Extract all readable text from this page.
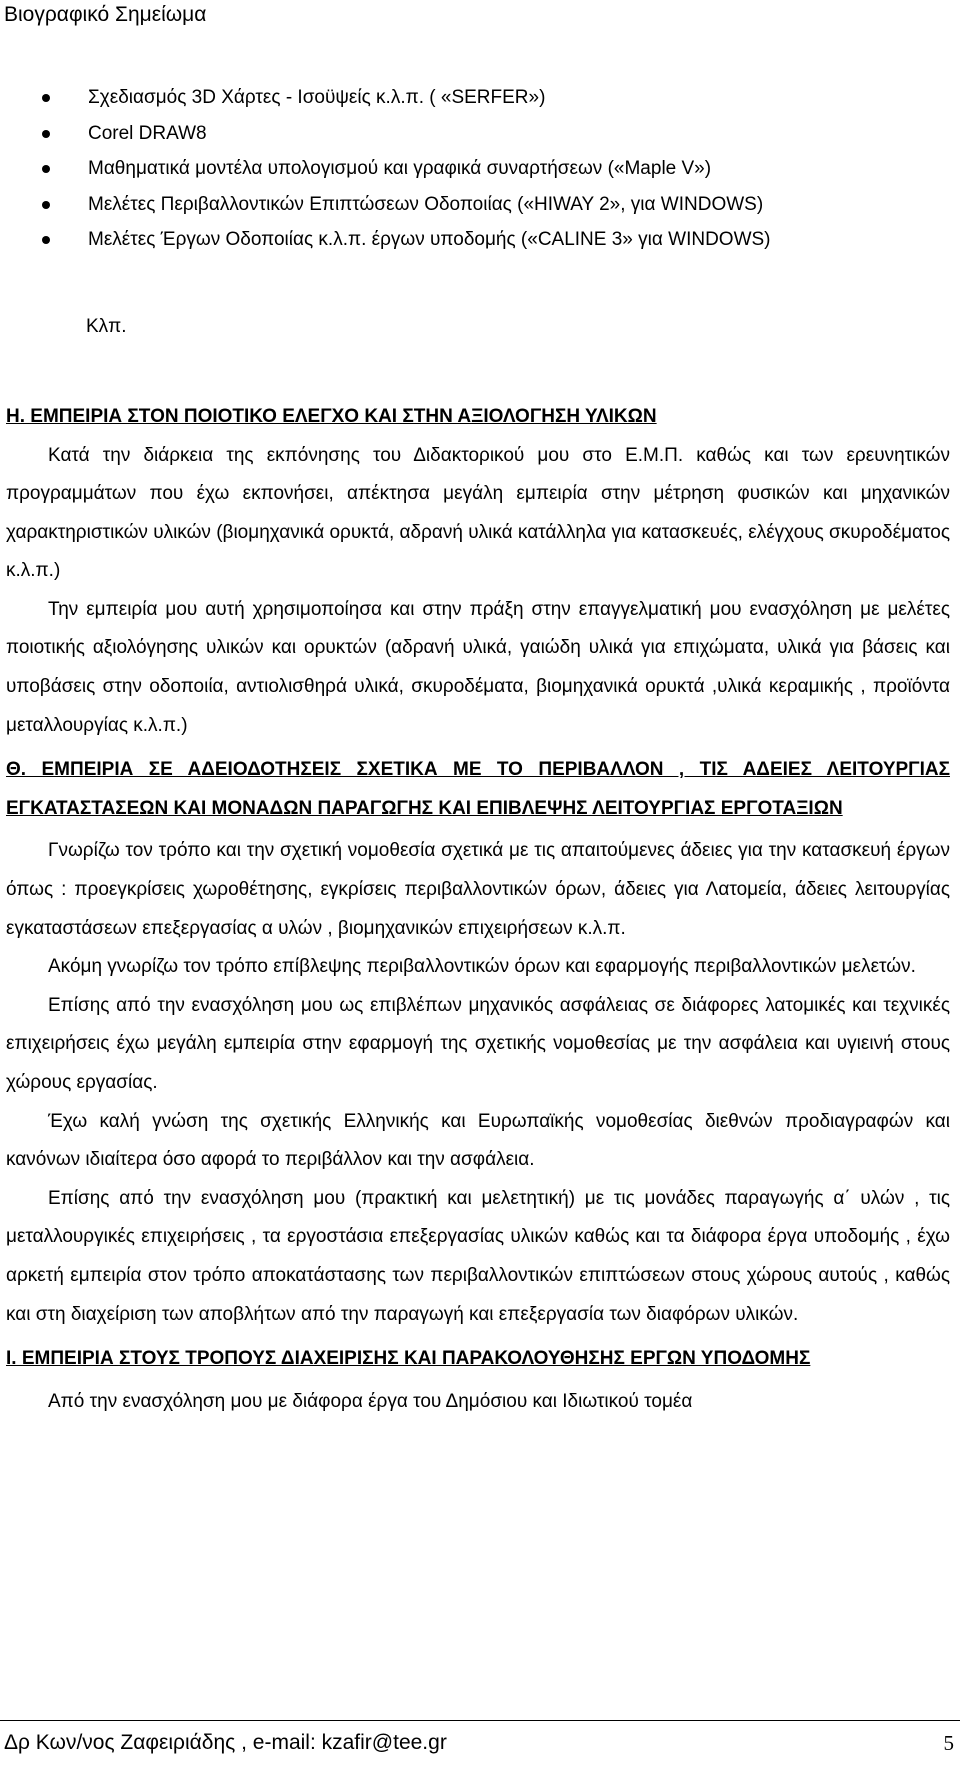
Βιογραφικό Σημείωμα
Σχεδιασμός 3D Χάρτες - Ισοϋψείς κ.λ.π. ( «SERFER»)
Corel DRAW8
Μαθηματικά μοντέλα υπολογισμού και γραφικά συναρτήσεων («Maple V»)
Μελέτες Περιβαλλοντικών Επιπτώσεων Οδοποιίας («HIWAY 2», για WINDOWS)
Μελέτες Έργων Οδοποιίας κ.λ.π. έργων υποδομής («CALINE 3» για WINDOWS)
Κλπ.

Η. ΕΜΠΕΙΡΙΑ ΣΤΟΝ ΠΟΙΟΤΙΚΟ ΕΛΕΓΧΟ ΚΑΙ ΣΤΗΝ ΑΞΙΟΛΟΓΗΣΗ ΥΛΙΚΩΝ

Κατά την διάρκεια της εκπόνησης του Διδακτορικού μου στο Ε.Μ.Π. καθώς και των ερευνητικών προγραμμάτων που έχω εκπονήσει, απέκτησα μεγάλη εμπειρία στην μέτρηση φυσικών και μηχανικών χαρακτηριστικών υλικών (βιομηχανικά ορυκτά, αδρανή υλικά κατάλληλα για κατασκευές, ελέγχους σκυροδέματος κ.λ.π.)

Την εμπειρία μου αυτή χρησιμοποίησα και στην πράξη στην επαγγελματική μου ενασχόληση με μελέτες ποιοτικής αξιολόγησης υλικών και ορυκτών (αδρανή υλικά, γαιώδη υλικά για επιχώματα, υλικά για βάσεις και υποβάσεις στην οδοποιία, αντιολισθηρά υλικά, σκυροδέματα, βιομηχανικά ορυκτά ,υλικά κεραμικής , προϊόντα μεταλλουργίας κ.λ.π.)

Θ. ΕΜΠΕΙΡΙΑ ΣΕ ΑΔΕΙΟΔΟΤΗΣΕΙΣ ΣΧΕΤΙΚΑ ΜΕ ΤΟ ΠΕΡΙΒΑΛΛΟΝ , ΤΙΣ ΑΔΕΙΕΣ ΛΕΙΤΟΥΡΓΙΑΣ ΕΓΚΑΤΑΣΤΑΣΕΩΝ ΚΑΙ ΜΟΝΑΔΩΝ ΠΑΡΑΓΩΓΗΣ ΚΑΙ ΕΠΙΒΛΕΨΗΣ ΛΕΙΤΟΥΡΓΙΑΣ ΕΡΓΟΤΑΞΙΩΝ

Γνωρίζω τον τρόπο και την σχετική νομοθεσία σχετικά με τις απαιτούμενες άδειες για την κατασκευή έργων όπως : προεγκρίσεις χωροθέτησης, εγκρίσεις περιβαλλοντικών όρων, άδειες για Λατομεία, άδειες λειτουργίας εγκαταστάσεων επεξεργασίας α υλών , βιομηχανικών επιχειρήσεων κ.λ.π.

Ακόμη γνωρίζω τον τρόπο επίβλεψης περιβαλλοντικών όρων και εφαρμογής περιβαλλοντικών μελετών.

Επίσης από την ενασχόληση μου ως επιβλέπων μηχανικός ασφάλειας σε διάφορες λατομικές και τεχνικές επιχειρήσεις έχω μεγάλη εμπειρία στην εφαρμογή της σχετικής νομοθεσίας με την ασφάλεια και υγιεινή στους χώρους εργασίας.

Έχω καλή γνώση της σχετικής Ελληνικής και Ευρωπαϊκής νομοθεσίας διεθνών προδιαγραφών και κανόνων ιδιαίτερα όσο αφορά το περιβάλλον και την ασφάλεια.

Επίσης από την ενασχόληση μου (πρακτική και μελετητική) με τις μονάδες παραγωγής α΄ υλών , τις μεταλλουργικές επιχειρήσεις , τα εργοστάσια επεξεργασίας υλικών καθώς και τα διάφορα έργα υποδομής , έχω αρκετή εμπειρία στον τρόπο αποκατάστασης των περιβαλλοντικών επιπτώσεων στους χώρους αυτούς , καθώς και στη διαχείριση των αποβλήτων από την παραγωγή και επεξεργασία των διαφόρων υλικών.

Ι. ΕΜΠΕΙΡΙΑ ΣΤΟΥΣ ΤΡΟΠΟΥΣ ΔΙΑΧΕΙΡΙΣΗΣ ΚΑΙ ΠΑΡΑΚΟΛΟΥΘΗΣΗΣ ΕΡΓΩΝ ΥΠΟΔΟΜΗΣ

Από την ενασχόληση μου με διάφορα έργα του Δημόσιου και Ιδιωτικού τομέα

Δρ Κων/νος Ζαφειριάδης , e-mail: kzafir@tee.gr	5
